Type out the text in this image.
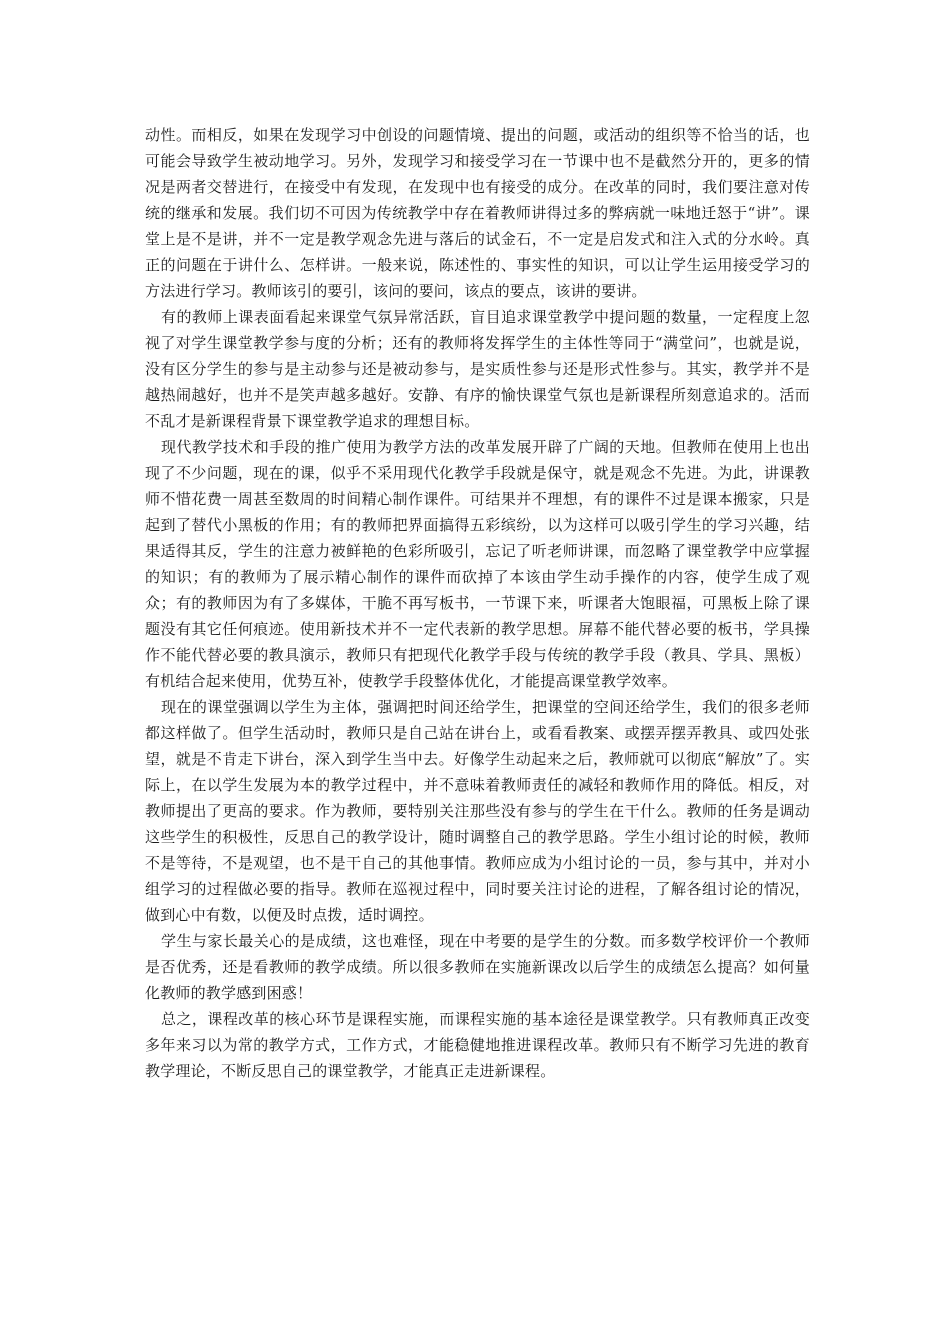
动性。而相反，如果在发现学习中创设的问题情境、提出的问题，或活动的组织等不恰当的话，也可能会导致学生被动地学习。另外，发现学习和接受学习在一节课中也不是截然分开的，更多的情况是两者交替进行，在接受中有发现，在发现中也有接受的成分。在改革的同时，我们要注意对传统的继承和发展。我们切不可因为传统教学中存在着教师讲得过多的弊病就一味地迁怒于“讲”。课堂上是不是讲，并不一定是教学观念先进与落后的试金石，不一定是启发式和注入式的分水岭。真正的问题在于讲什么、怎样讲。一般来说，陈述性的、事实性的知识，可以让学生运用接受学习的方法进行学习。教师该引的要引，该问的要问，该点的要点，该讲的要讲。

有的教师上课表面看起来课堂气氛异常活跃，盲目追求课堂教学中提问题的数量，一定程度上忽视了对学生课堂教学参与度的分析；还有的教师将发挥学生的主体性等同于“满堂问”，也就是说，没有区分学生的参与是主动参与还是被动参与，是实质性参与还是形式性参与。其实，教学并不是越热闹越好，也并不是笑声越多越好。安静、有序的愉快课堂气氛也是新课程所刻意追求的。活而不乱才是新课程背景下课堂教学追求的理想目标。

现代教学技术和手段的推广使用为教学方法的改革发展开辟了广阔的天地。但教师在使用上也出现了不少问题，现在的课，似乎不采用现代化教学手段就是保守，就是观念不先进。为此，讲课教师不惜花费一周甚至数周的时间精心制作课件。可结果并不理想，有的课件不过是课本搬家，只是起到了替代小黑板的作用；有的教师把界面搞得五彩缤纷，以为这样可以吸引学生的学习兴趣，结果适得其反，学生的注意力被鲜艳的色彩所吸引，忘记了听老师讲课，而忽略了课堂教学中应掌握的知识；有的教师为了展示精心制作的课件而砍掉了本该由学生动手操作的内容，使学生成了观众；有的教师因为有了多媒体，干脆不再写板书，一节课下来，听课者大饱眼福，可黑板上除了课题没有其它任何痕迹。使用新技术并不一定代表新的教学思想。屏幕不能代替必要的板书，学具操作不能代替必要的教具演示，教师只有把现代化教学手段与传统的教学手段（教具、学具、黑板）有机结合起来使用，优势互补，使教学手段整体优化，才能提高课堂教学效率。

现在的课堂强调以学生为主体，强调把时间还给学生，把课堂的空间还给学生，我们的很多老师都这样做了。但学生活动时，教师只是自己站在讲台上，或看看教案、或摆弄摆弄教具、或四处张望，就是不肯走下讲台，深入到学生当中去。好像学生动起来之后，教师就可以彻底“解放”了。实际上，在以学生发展为本的教学过程中，并不意味着教师责任的减轻和教师作用的降低。相反，对教师提出了更高的要求。作为教师，要特别关注那些没有参与的学生在干什么。教师的任务是调动这些学生的积极性，反思自己的教学设计，随时调整自己的教学思路。学生小组讨论的时候，教师不是等待，不是观望，也不是干自己的其他事情。教师应成为小组讨论的一员，参与其中，并对小组学习的过程做必要的指导。教师在巡视过程中，同时要关注讨论的进程，了解各组讨论的情况，做到心中有数，以便及时点拨，适时调控。

学生与家长最关心的是成绩，这也难怪，现在中考要的是学生的分数。而多数学校评价一个教师是否优秀，还是看教师的教学成绩。所以很多教师在实施新课改以后学生的成绩怎么提高？如何量化教师的教学感到困惑！

总之，课程改革的核心环节是课程实施，而课程实施的基本途径是课堂教学。只有教师真正改变多年来习以为常的教学方式，工作方式，才能稳健地推进课程改革。教师只有不断学习先进的教育教学理论，不断反思自己的课堂教学，才能真正走进新课程。
